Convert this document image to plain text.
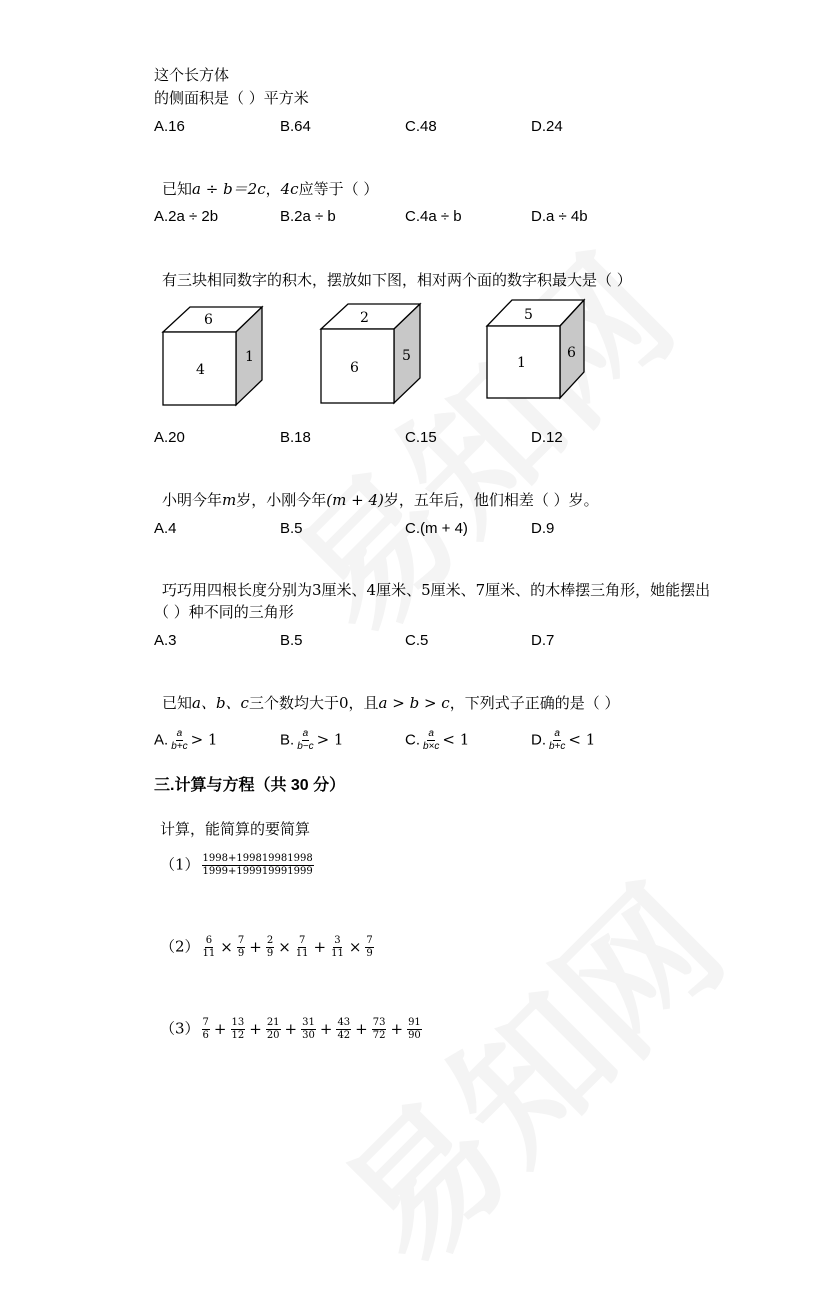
这个长方体
的侧面积是（ ）平方米
A.16	B.64	C.48	D.24
已知a ÷ b＝2c，4c应等于（ ）
A.2a ÷ 2b	B.2a ÷ b	C.4a ÷ b	D.a ÷ 4b
有三块相同数字的积木，摆放如下图，相对两个面的数字积最大是（ ）
6
4
1
2
6
5
5
1
6
A.20	B.18	C.15	D.12
小明今年m岁，小刚今年(m + 4)岁，五年后，他们相差（ ）岁。
A.4	B.5	C.(m + 4)	D.9
巧巧用四根长度分别为3厘米、4厘米、5厘米、7厘米、的木棒摆三角形，她能摆出
（ ）种不同的三角形
A.3	B.5	C.5	D.7
已知a、b、c三个数均大于0，且a > b > c，下列式子正确的是（ ）
A. $\frac{a}{b+c} > 1$	B. $\frac{a}{b-c} > 1$	C. $\frac{a}{b\times c} < 1$	D. $\frac{a}{b+c} < 1$
三.计算与方程（共 30 分）
计算，能简算的要简算
$(1) \frac{1998+199819981998}{1999+199919991999}$
$(2) \frac{6}{11} \times \frac{7}{9} + \frac{2}{9} \times \frac{7}{11} + \frac{3}{11} \times \frac{7}{9}$
$(3) \frac{7}{6} + \frac{13}{12} + \frac{21}{20} + \frac{31}{30} + \frac{43}{42} + \frac{73}{72} + \frac{91}{90}$
